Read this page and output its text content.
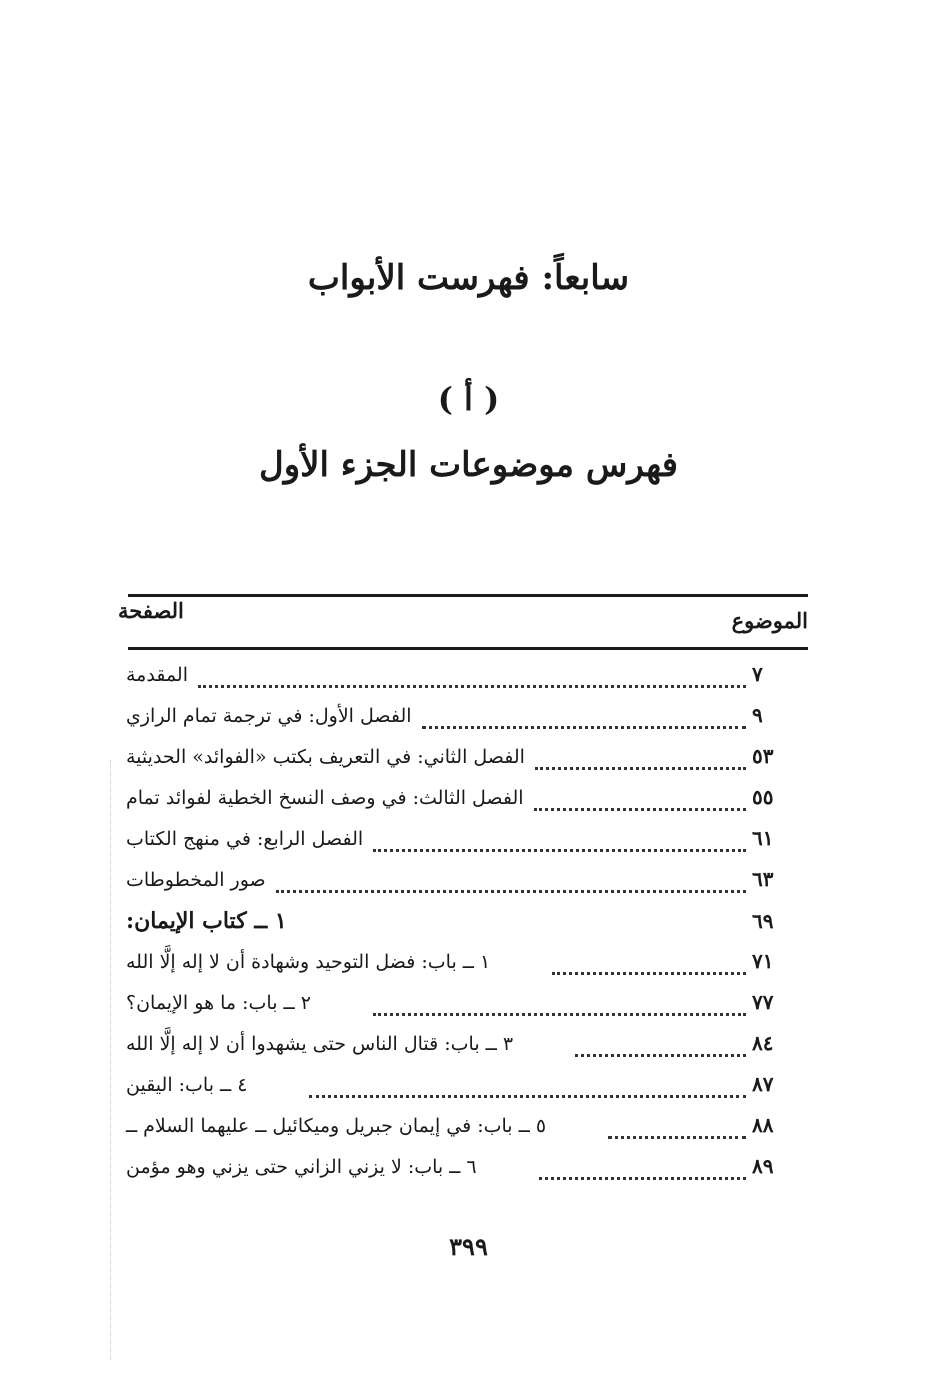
سابعاً: فهرست الأبواب
( أ )
فهرس موضوعات الجزء الأول
الموضوع
الصفحة
المقدمة	٧
الفصل الأول: في ترجمة تمام الرازي	٩
الفصل الثاني: في التعريف بكتب «الفوائد» الحديثية	٥٣
الفصل الثالث: في وصف النسخ الخطية لفوائد تمام	٥٥
الفصل الرابع: في منهج الكتاب	٦١
صور المخطوطات	٦٣
١ ــ كتاب الإيمان:	٦٩
١ ــ باب: فضل التوحيد وشهادة أن لا إله إلَّا الله	٧١
٢ ــ باب: ما هو الإيمان؟	٧٧
٣ ــ باب: قتال الناس حتى يشهدوا أن لا إله إلَّا الله	٨٤
٤ ــ باب: اليقين	٨٧
٥ ــ باب: في إيمان جبريل وميكائيل ــ عليهما السلام ــ	٨٨
٦ ــ باب: لا يزني الزاني حتى يزني وهو مؤمن	٨٩
٣٩٩
